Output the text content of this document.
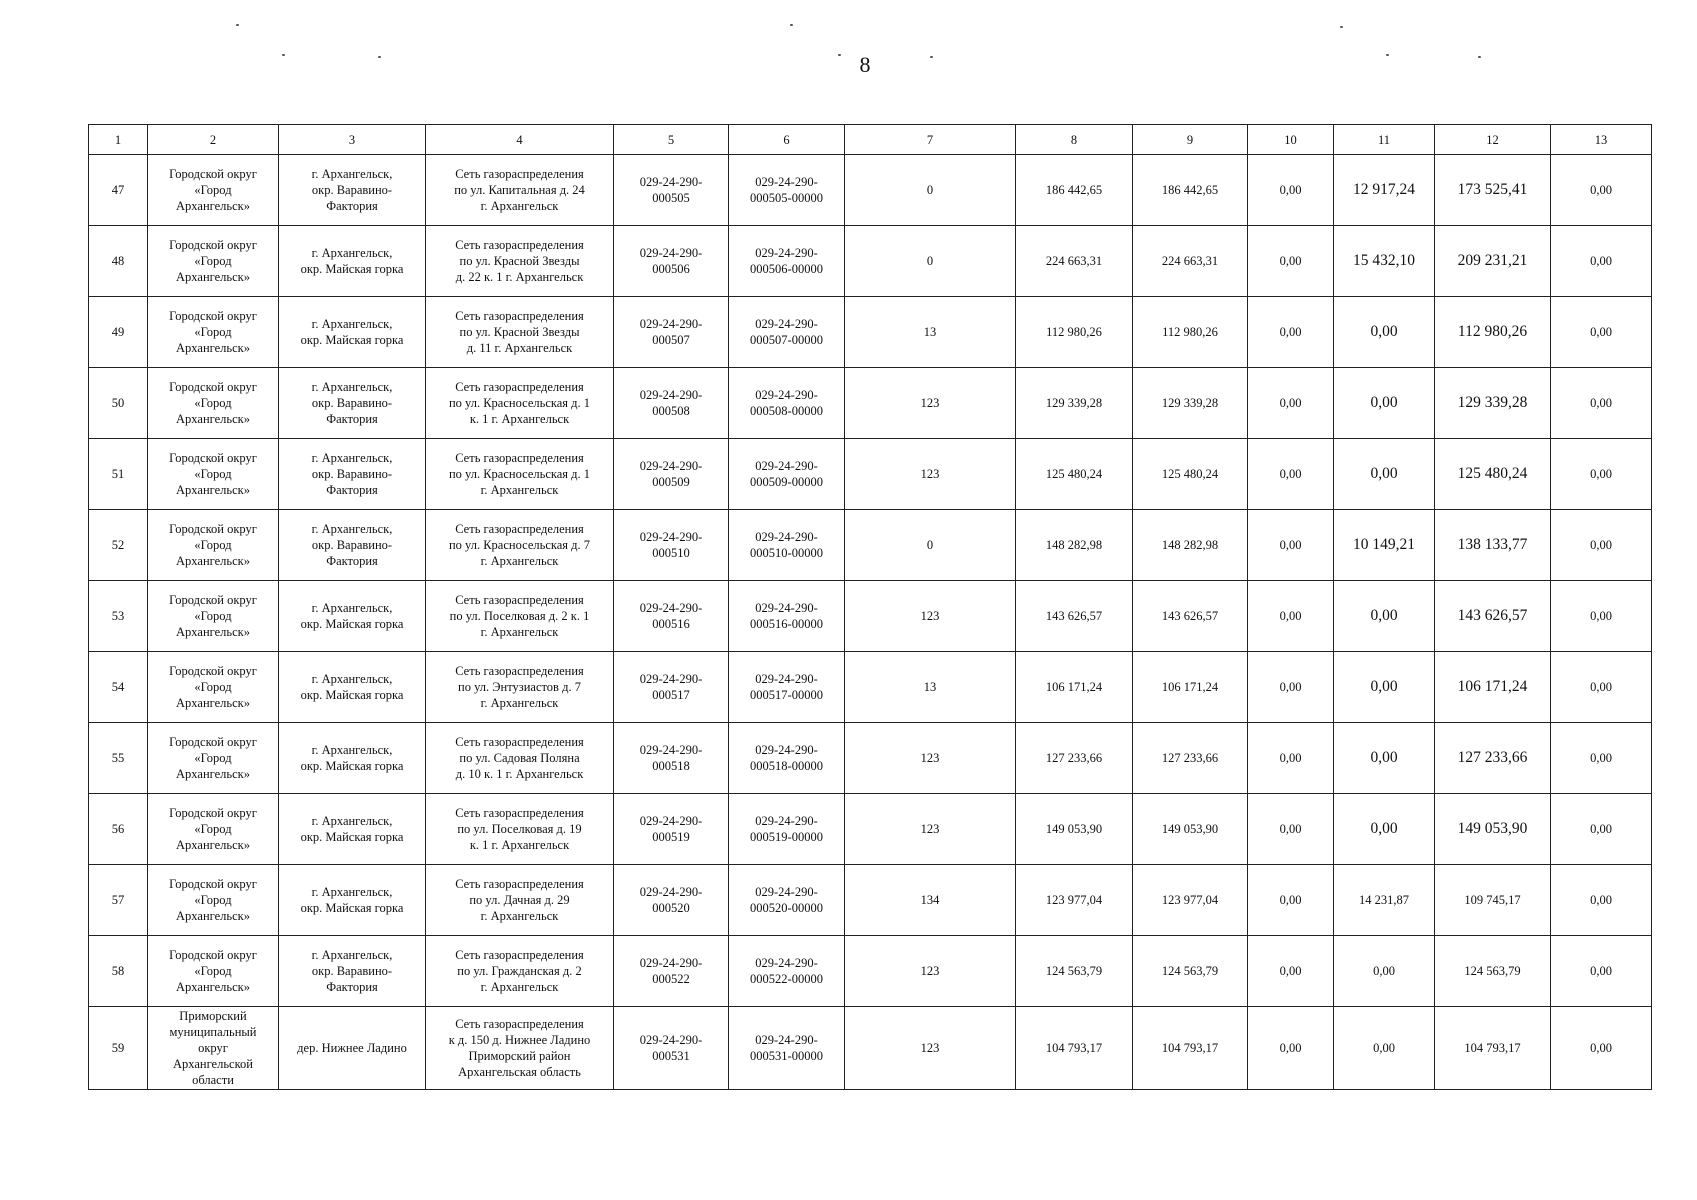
8
1	2	3	4	5	6	7	8	9	10	11	12	13
47	Городской округ
«Город
Архангельск»	г. Архангельск,
окр. Варавино-
Фактория	Сеть газораспределения
по ул. Капитальная д. 24
г. Архангельск	029-24-290-
000505	029-24-290-
000505-00000	0	186 442,65	186 442,65	0,00	12 917,24	173 525,41	0,00
48	Городской округ
«Город
Архангельск»	г. Архангельск,
окр. Майская горка	Сеть газораспределения
по ул. Красной Звезды
д. 22 к. 1 г. Архангельск	029-24-290-
000506	029-24-290-
000506-00000	0	224 663,31	224 663,31	0,00	15 432,10	209 231,21	0,00
49	Городской округ
«Город
Архангельск»	г. Архангельск,
окр. Майская горка	Сеть газораспределения
по ул. Красной Звезды
д. 11 г. Архангельск	029-24-290-
000507	029-24-290-
000507-00000	13	112 980,26	112 980,26	0,00	0,00	112 980,26	0,00
50	Городской округ
«Город
Архангельск»	г. Архангельск,
окр. Варавино-
Фактория	Сеть газораспределения
по ул. Красносельская д. 1
к. 1 г. Архангельск	029-24-290-
000508	029-24-290-
000508-00000	123	129 339,28	129 339,28	0,00	0,00	129 339,28	0,00
51	Городской округ
«Город
Архангельск»	г. Архангельск,
окр. Варавино-
Фактория	Сеть газораспределения
по ул. Красносельская д. 1
г. Архангельск	029-24-290-
000509	029-24-290-
000509-00000	123	125 480,24	125 480,24	0,00	0,00	125 480,24	0,00
52	Городской округ
«Город
Архангельск»	г. Архангельск,
окр. Варавино-
Фактория	Сеть газораспределения
по ул. Красносельская д. 7
г. Архангельск	029-24-290-
000510	029-24-290-
000510-00000	0	148 282,98	148 282,98	0,00	10 149,21	138 133,77	0,00
53	Городской округ
«Город
Архангельск»	г. Архангельск,
окр. Майская горка	Сеть газораспределения
по ул. Поселковая д. 2 к. 1
г. Архангельск	029-24-290-
000516	029-24-290-
000516-00000	123	143 626,57	143 626,57	0,00	0,00	143 626,57	0,00
54	Городской округ
«Город
Архангельск»	г. Архангельск,
окр. Майская горка	Сеть газораспределения
по ул. Энтузиастов д. 7
г. Архангельск	029-24-290-
000517	029-24-290-
000517-00000	13	106 171,24	106 171,24	0,00	0,00	106 171,24	0,00
55	Городской округ
«Город
Архангельск»	г. Архангельск,
окр. Майская горка	Сеть газораспределения
по ул. Садовая Поляна
д. 10 к. 1 г. Архангельск	029-24-290-
000518	029-24-290-
000518-00000	123	127 233,66	127 233,66	0,00	0,00	127 233,66	0,00
56	Городской округ
«Город
Архангельск»	г. Архангельск,
окр. Майская горка	Сеть газораспределения
по ул. Поселковая д. 19
к. 1 г. Архангельск	029-24-290-
000519	029-24-290-
000519-00000	123	149 053,90	149 053,90	0,00	0,00	149 053,90	0,00
57	Городской округ
«Город
Архангельск»	г. Архангельск,
окр. Майская горка	Сеть газораспределения
по ул. Дачная д. 29
г. Архангельск	029-24-290-
000520	029-24-290-
000520-00000	134	123 977,04	123 977,04	0,00	14 231,87	109 745,17	0,00
58	Городской округ
«Город
Архангельск»	г. Архангельск,
окр. Варавино-
Фактория	Сеть газораспределения
по ул. Гражданская д. 2
г. Архангельск	029-24-290-
000522	029-24-290-
000522-00000	123	124 563,79	124 563,79	0,00	0,00	124 563,79	0,00
59	Приморский
муниципальный
округ
Архангельской
области	дер. Нижнее Ладино	Сеть газораспределения
к д. 150 д. Нижнее Ладино
Приморский район
Архангельская область	029-24-290-
000531	029-24-290-
000531-00000	123	104 793,17	104 793,17	0,00	0,00	104 793,17	0,00
